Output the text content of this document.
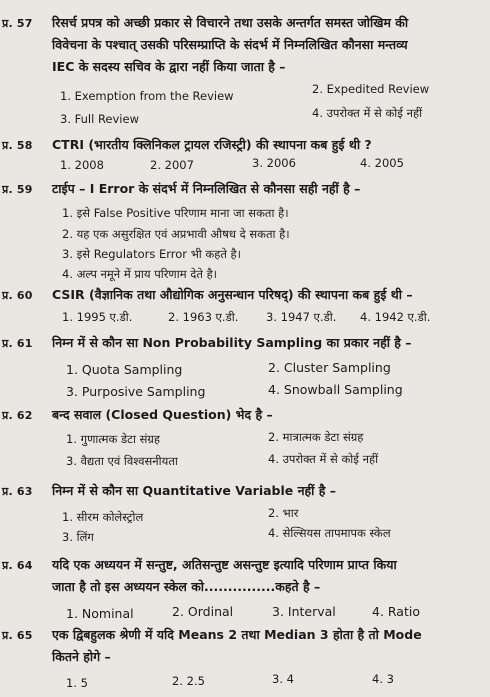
प्र. 57 रिसर्च प्रपत्र को अच्छी प्रकार से विचारने तथा उसके अन्तर्गत समस्त जोखिम की
विवेचना के पश्चात् उसकी परिसम्प्राप्ति के संदर्भ में निम्नलिखित कौनसा मन्तव्य
IEC के सदस्य सचिव के द्वारा नहीं किया जाता है –
1. Exemption from the Review	2. Expedited Review
3. Full Review	4. उपरोक्त में से कोई नहीं
प्र. 58 CTRI (भारतीय क्लिनिकल ट्रायल रजिस्ट्री) की स्थापना कब हुई थी ?
1. 2008	2. 2007	3. 2006	4. 2005
प्र. 59 टाईप – I Error के संदर्भ में निम्नलिखित से कौनसा सही नहीं है –
1. इसे False Positive परिणाम माना जा सकता है।
2. यह एक असुरक्षित एवं अप्रभावी औषध दे सकता है।
3. इसे Regulators Error भी कहते है।
4. अल्प नमूने में प्राय परिणाम देते है।
प्र. 60 CSIR (वैज्ञानिक तथा औद्योगिक अनुसन्धान परिषद्) की स्थापना कब हुई थी –
1. 1995 ए.डी.	2. 1963 ए.डी. 3. 1947 ए.डी. 4. 1942 ए.डी.
प्र. 61 निम्न में से कौन सा Non Probability Sampling का प्रकार नहीं है –
1. Quota Sampling	2. Cluster Sampling
3. Purposive Sampling	4. Snowball Sampling
प्र. 62 बन्द सवाल (Closed Question) भेद है –
1. गुणात्मक डेटा संग्रह	2. मात्रात्मक डेटा संग्रह
3. वैद्यता एवं विश्वसनीयता	4. उपरोक्त में से कोई नहीं
प्र. 63 निम्न में से कौन सा Quantitative Variable नहीं है –
1. सीरम कोलेस्ट्रोल	2. भार
3. लिंग	4. सेल्सियस तापमापक स्केल
प्र. 64 यदि एक अध्ययन में सन्तुष्ट, अतिसन्तुष्ट असन्तुष्ट इत्यादि परिणाम प्राप्त किया
जाता है तो इस अध्ययन स्केल को...............कहते है –
1. Nominal	2. Ordinal	3. Interval	4. Ratio
प्र. 65 एक द्विबहुलक श्रेणी में यदि Means 2 तथा Median 3 होता है तो Mode
कितने होगे –
1. 5	2. 2.5	3. 4	4. 3
